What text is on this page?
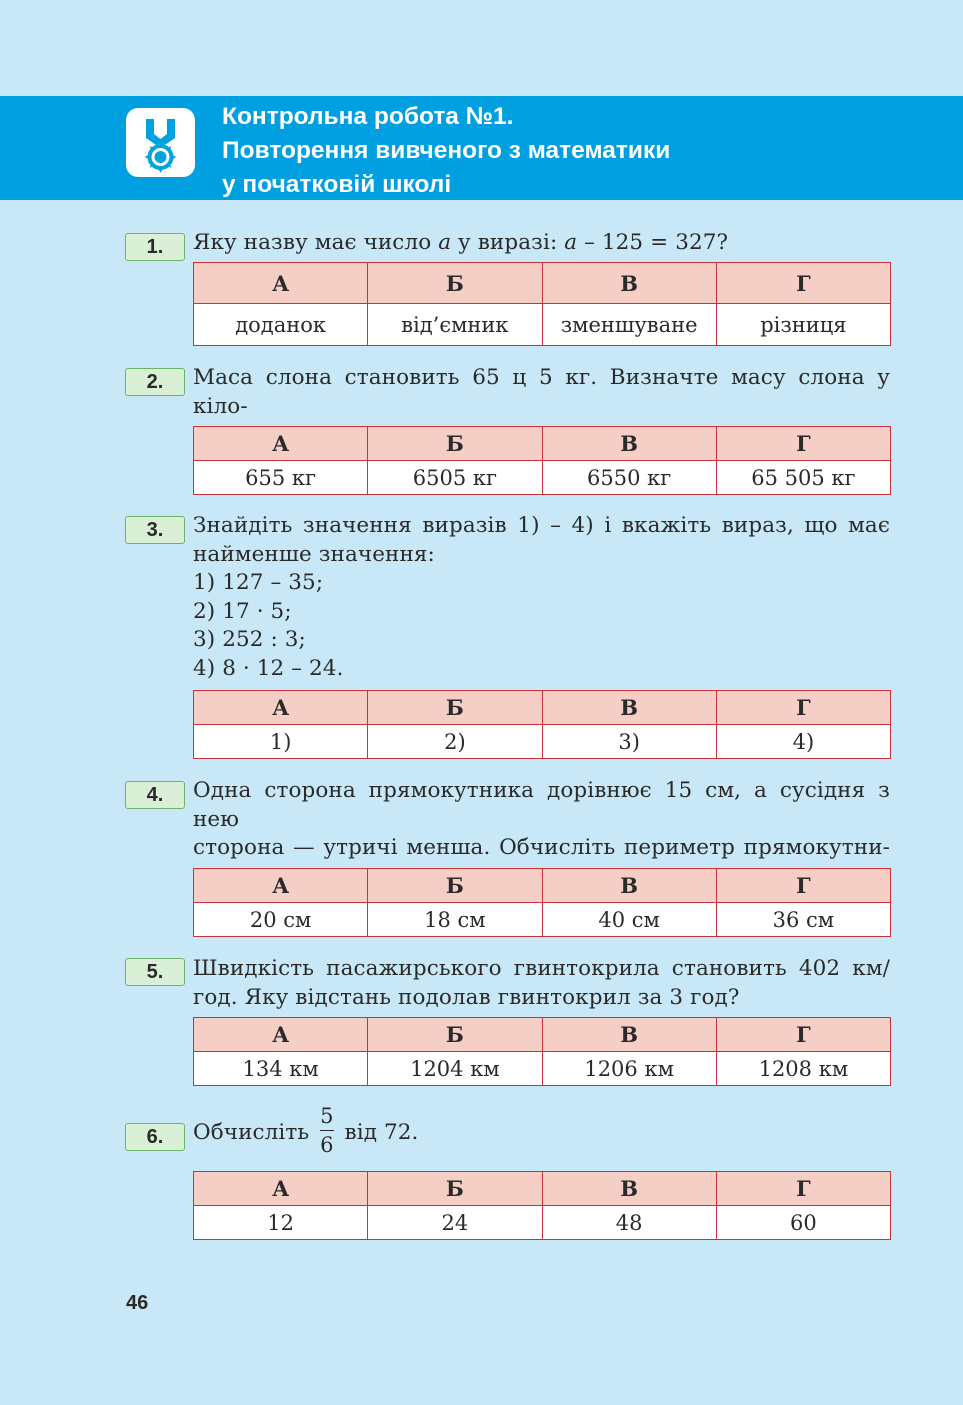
Контрольна робота №1.
Повторення вивченого з математики
у початковій школі
1.	Яку назву має число a у виразі: a – 125 = 327?
А	Б	В	Г
доданок	від’ємник	зменшуване	різниця
2.	Маса слона становить 65 ц 5 кг. Визначте масу слона у кіло-
А	Б	В	Г
655 кг	6505 кг	6550 кг	65 505 кг
3.	Знайдіть значення виразів 1) – 4) і вкажіть вираз, що має
найменше значення:
1) 127 – 35;
2) 17 · 5;
3) 252 : 3;
4) 8 · 12 – 24.
А	Б	В	Г
1)	2)	3)	4)
4.	Одна сторона прямокутника дорівнює 15 см, а сусідня з нею
сторона — утричі менша. Обчисліть периметр прямокутни-
А	Б	В	Г
20 см	18 см	40 см	36 см
5.	Швидкість пасажирського гвинтокрила становить 402 км/
год. Яку відстань подолав гвинтокрил за 3 год?
А	Б	В	Г
134 км	1204 км	1206 км	1208 км
6.	Обчисліть $\frac{5}{6}$ від 72.
А	Б	В	Г
12	24	48	60
46
